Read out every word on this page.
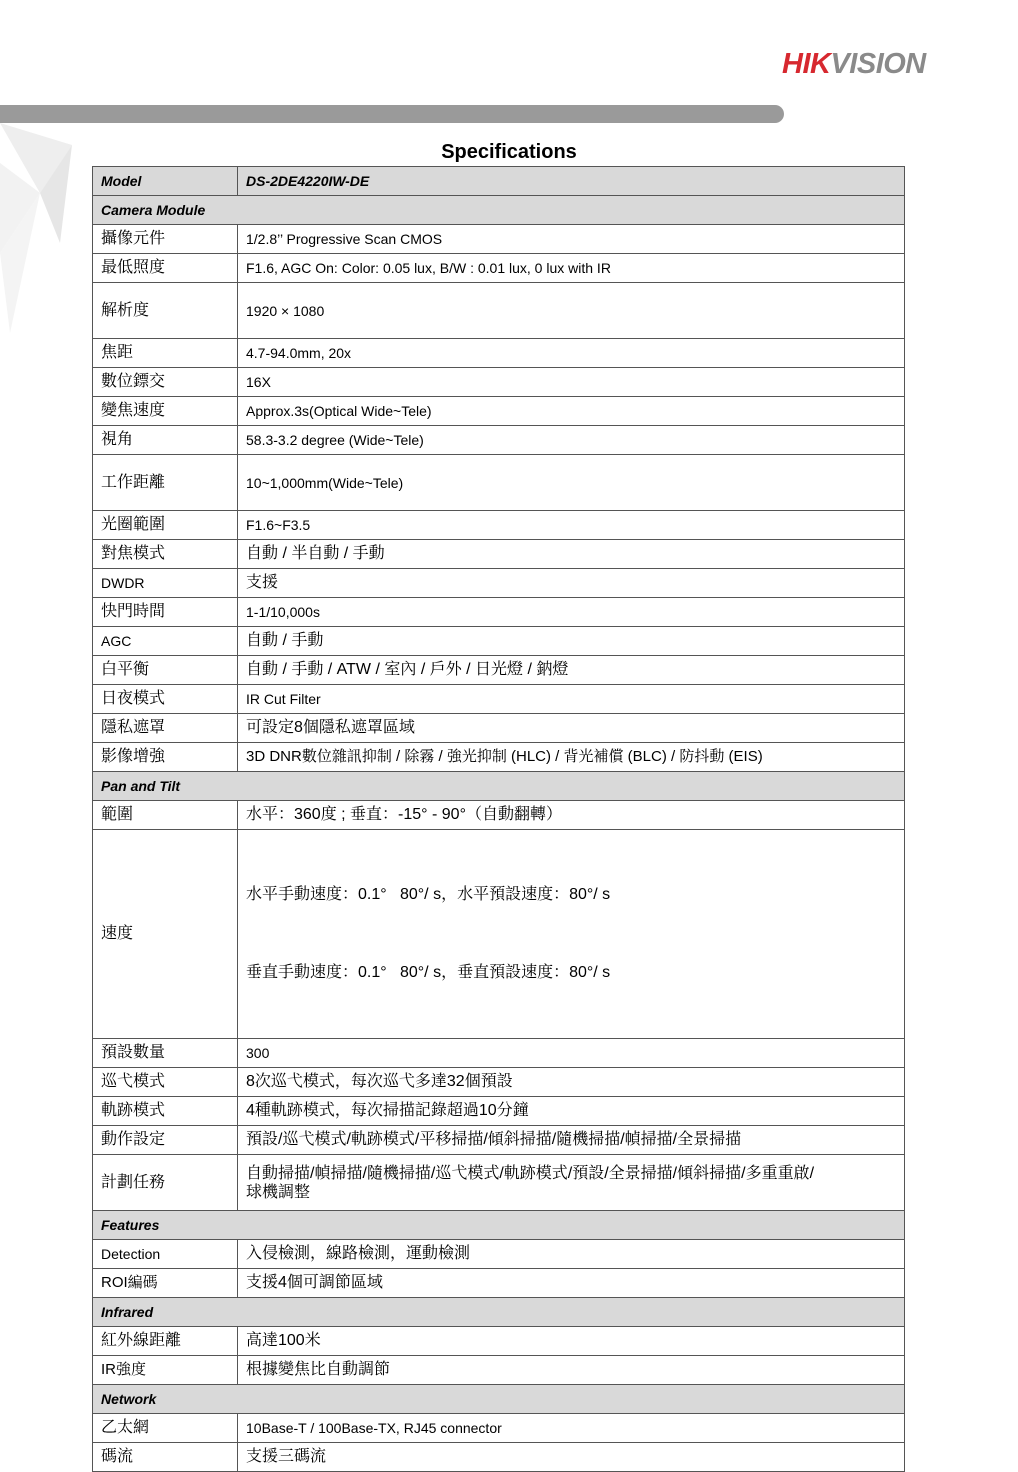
HIKVISION
Specifications
Model	DS-2DE4220IW-DE
Camera Module	
攝像元件	1/2.8’’ Progressive Scan CMOS
最低照度	F1.6, AGC On: Color: 0.05 lux, B/W : 0.01 lux, 0 lux with IR
解析度	1920 × 1080
焦距	4.7-94.0mm, 20x
數位鏢交	16X
變焦速度	Approx.3s(Optical Wide~Tele)
視角	58.3-3.2 degree (Wide~Tele)
工作距離	10~1,000mm(Wide~Tele)
光圈範圍	F1.6~F3.5
對焦模式	自動 / 半自動 / 手動
DWDR	支援
快門時間	1-1/10,000s
AGC	自動 / 手動
白平衡	自動 / 手動 / ATW / 室內 / 戶外 / 日光燈 / 鈉燈
日夜模式	IR Cut Filter
隱私遮罩	可設定8個隱私遮罩區域
影像增強	3D DNR數位雜訊抑制 / 除霧 / 強光抑制 (HLC) / 背光補償 (BLC) / 防抖動 (EIS)
Pan and Tilt	
範圍	水平：360度 ; 垂直：-15° - 90°（自動翻轉）
速度	水平手動速度：0.1°   80°/ s，水平預設速度：80°/ s

垂直手動速度：0.1°   80°/ s，垂直預設速度：80°/ s

預設數量	300
巡弋模式	8次巡弋模式，每次巡弋多達32個預設
軌跡模式	4種軌跡模式，每次掃描記錄超過10分鐘
動作設定	預設/巡弋模式/軌跡模式/平移掃描/傾斜掃描/隨機掃描/幀掃描/全景掃描
計劃任務	自動掃描/幀掃描/隨機掃描/巡弋模式/軌跡模式/預設/全景掃描/傾斜掃描/多重重啟/
球機調整

Features	
Detection	入侵檢測，線路檢測，運動檢測
ROI編碼	支援4個可調節區域
Infrared	
紅外線距離	高達100米
IR強度	根據變焦比自動調節
Network	
乙太網	10Base-T / 100Base-TX, RJ45 connector
碼流	支援三碼流
